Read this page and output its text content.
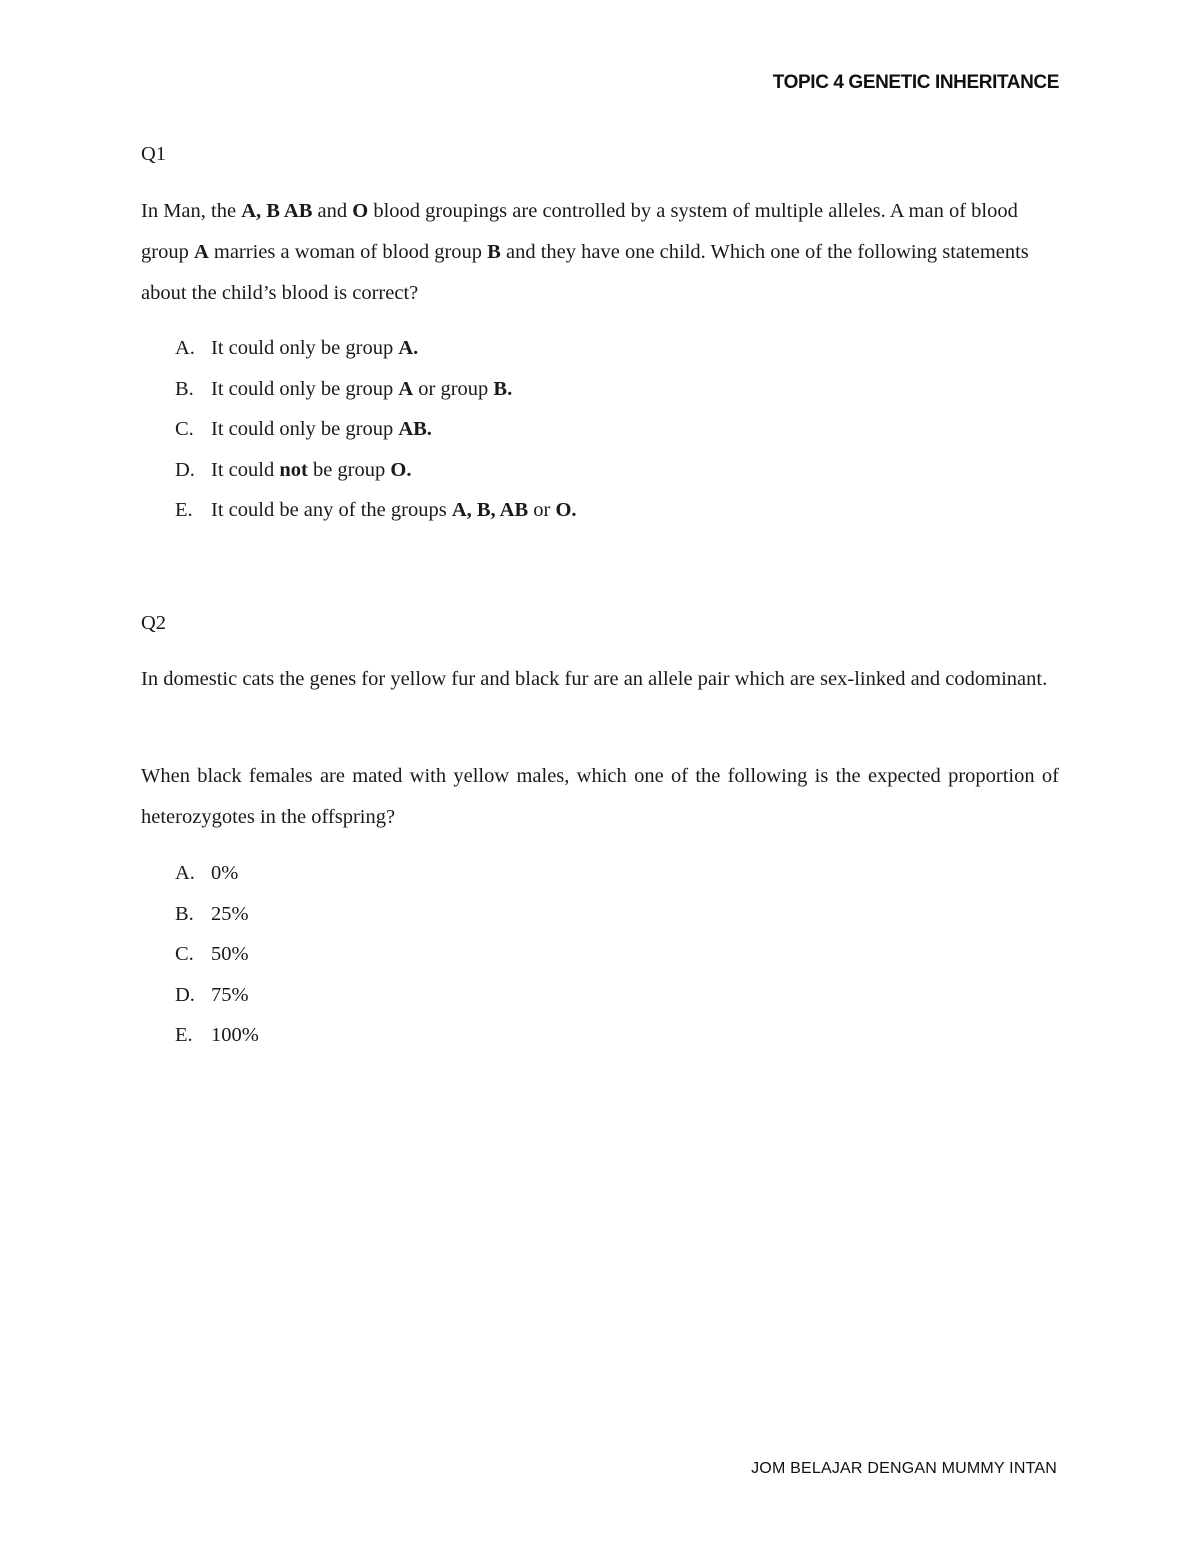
TOPIC 4 GENETIC INHERITANCE
Q1

In Man, the A, B AB and O blood groupings are controlled by a system of multiple alleles. A man of blood group A marries a woman of blood group B and they have one child. Which one of the following statements about the child’s blood is correct?

A. It could only be group A.
B. It could only be group A or group B.
C. It could only be group AB.
D. It could not be group O.
E. It could be any of the groups A, B, AB or O.
Q2

In domestic cats the genes for yellow fur and black fur are an allele pair which are sex-linked and codominant.

When black females are mated with yellow males, which one of the following is the expected proportion of heterozygotes in the offspring?

A. 0%
B. 25%
C. 50%
D. 75%
E. 100%
JOM BELAJAR DENGAN MUMMY INTAN
